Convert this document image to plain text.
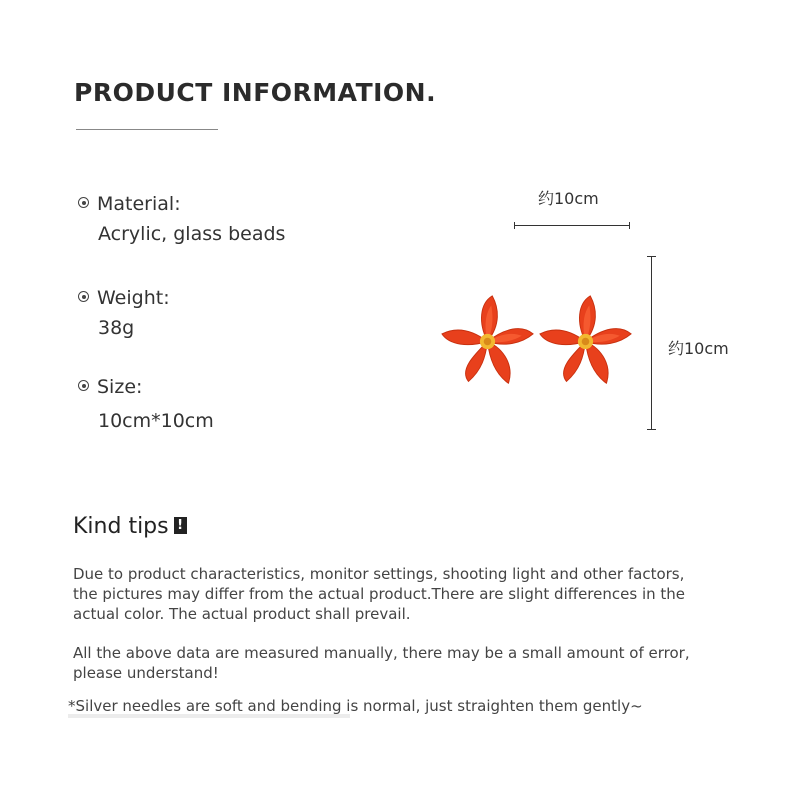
PRODUCT INFORMATION.
Material:
Acrylic, glass beads
Weight:
38g
Size:
10cm*10cm
约10cm
约10cm
Kind tips !

Due to product characteristics, monitor settings, shooting light and other factors, the pictures may differ from the actual product.There are slight differences in the actual color. The actual product shall prevail.

All the above data are measured manually, there may be a small amount of error, please understand!

*Silver needles are soft and bending is normal, just straighten them gently~
